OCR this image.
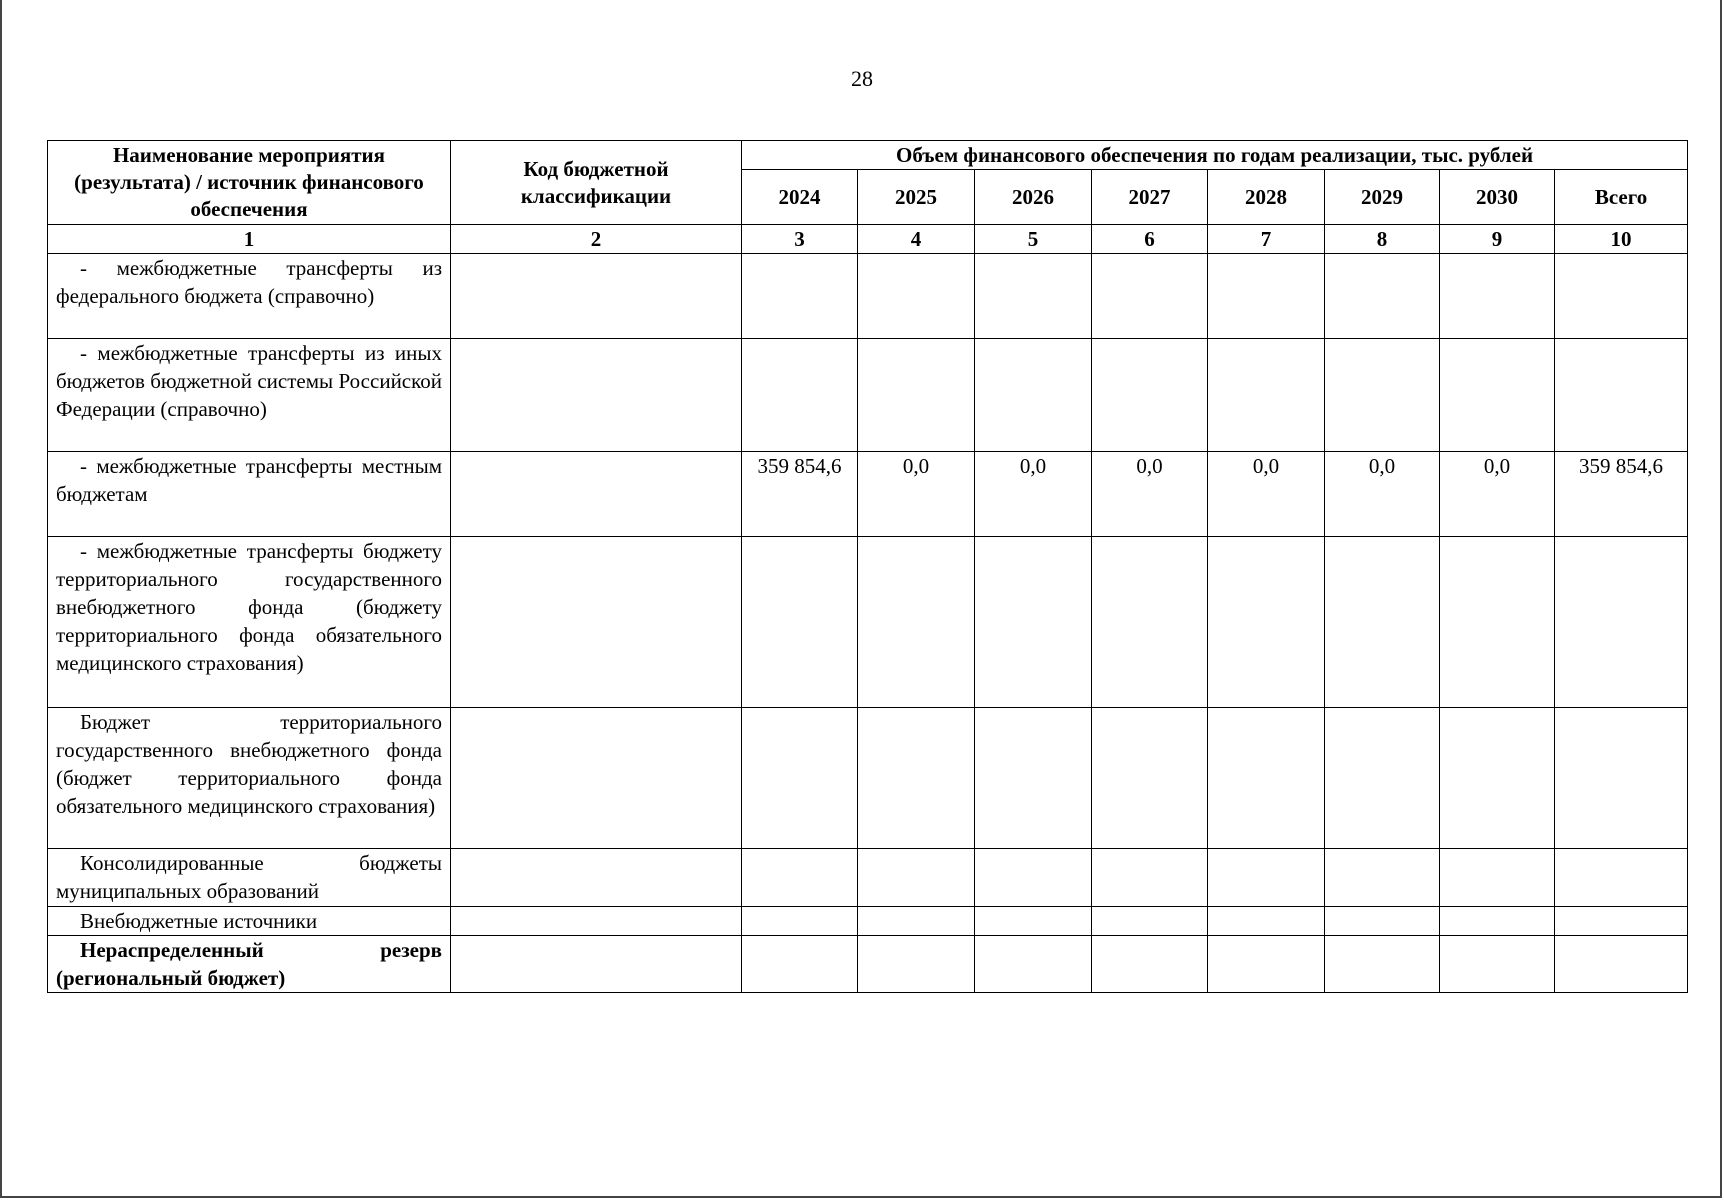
28
Наименование мероприятия (результата) / источник финансового обеспечения	Код бюджетной классификации	Объем финансового обеспечения по годам реализации, тыс. рублей							
		2024	2025	2026	2027	2028	2029	2030	Всего
1	2	3	4	5	6	7	8	9	10
- межбюджетные трансферты из федерального бюджета (справочно)									
- межбюджетные трансферты из иных бюджетов бюджетной системы Российской Федерации (справочно)									
- межбюджетные трансферты местным бюджетам		359 854,6	0,0	0,0	0,0	0,0	0,0	0,0	359 854,6
- межбюджетные трансферты бюджету территориального государственного внебюджетного фонда (бюджету территориального фонда обязательного медицинского страхования)									
Бюджет территориального государственного внебюджетного фонда (бюджет территориального фонда обязательного медицинского страхования)									
Консолидированные бюджеты муниципальных образований									
Внебюджетные источники									
Нераспределенный резерв (региональный бюджет)									
